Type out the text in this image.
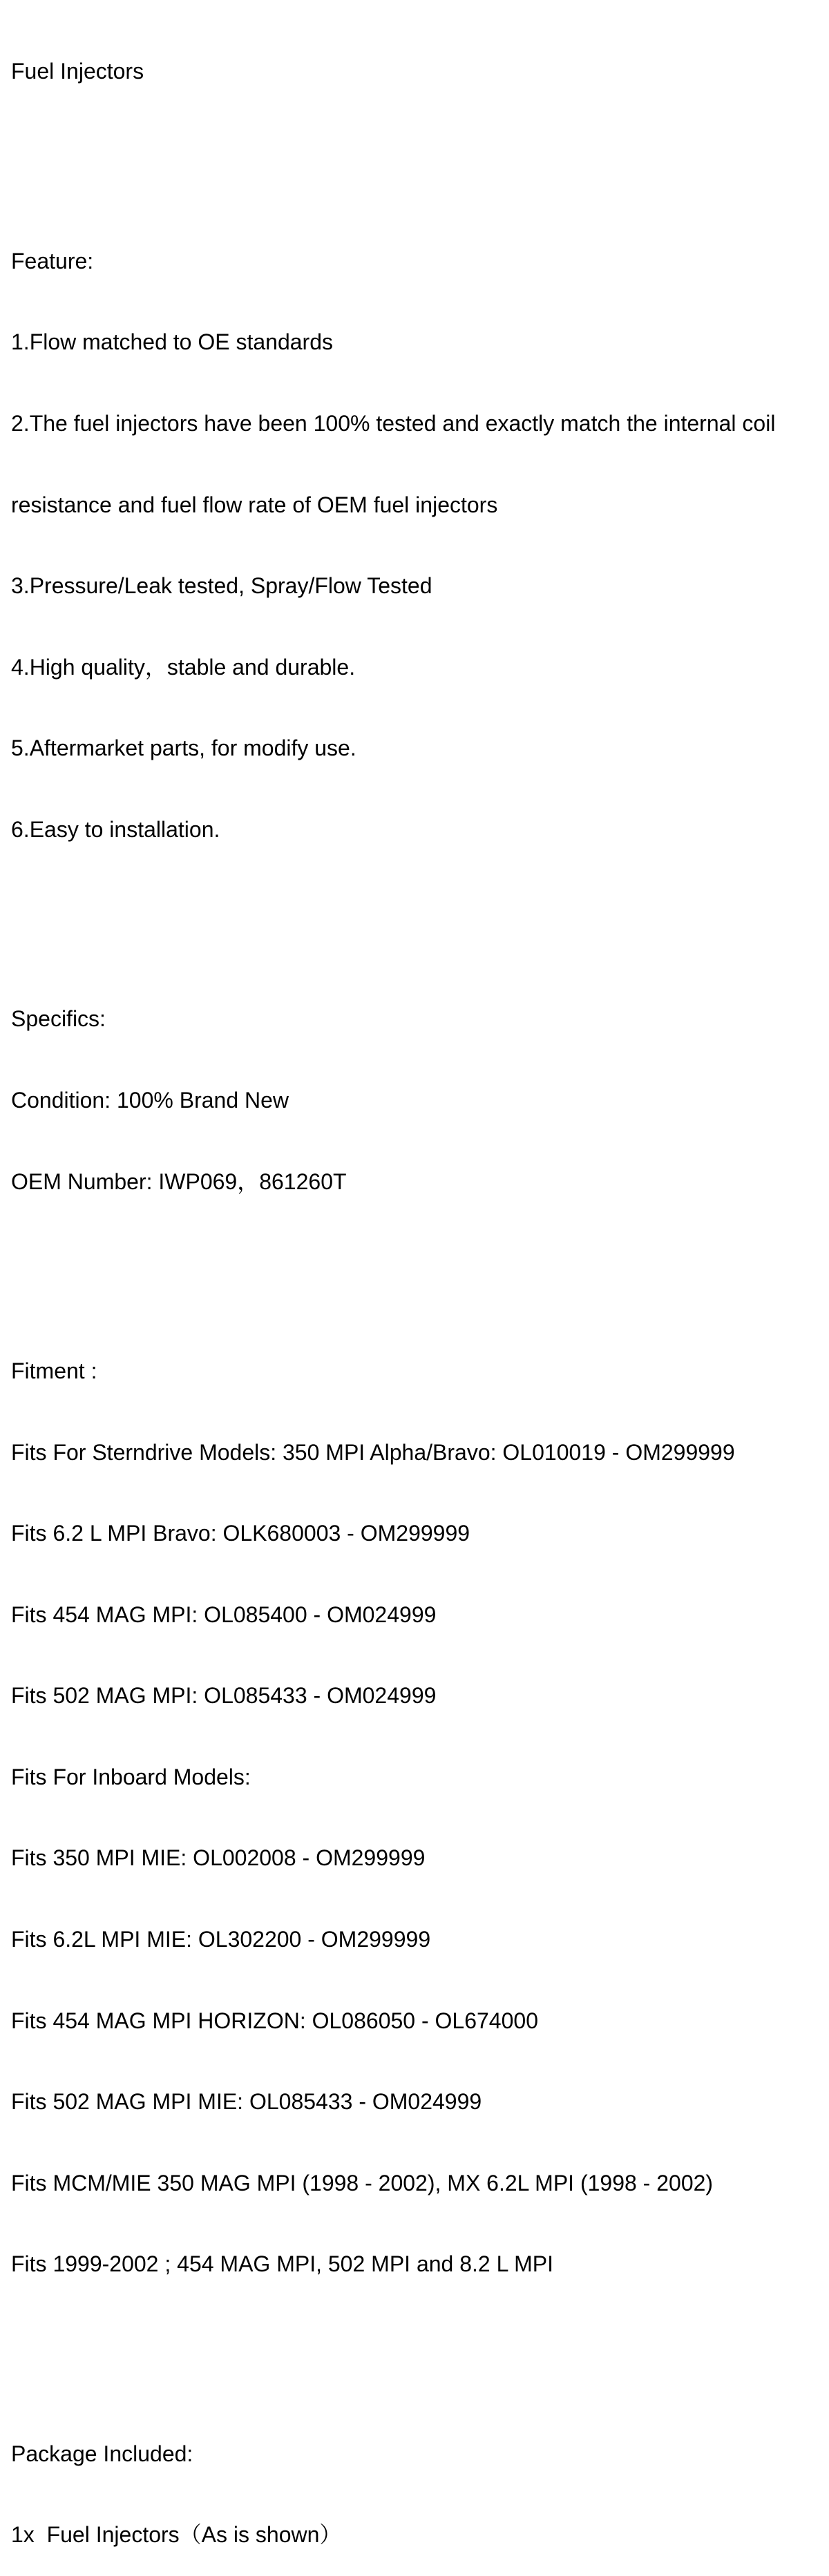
Fuel Injectors

Feature:

1.Flow matched to OE standards

2.The fuel injectors have been 100% tested and exactly match the internal coil

resistance and fuel flow rate of OEM fuel injectors

3.Pressure/Leak tested, Spray/Flow Tested

4.High quality，stable and durable.

5.Aftermarket parts, for modify use.

6.Easy to installation.

Specifics:

Condition: 100% Brand New

OEM Number: IWP069，861260T

Fitment :

Fits For Sterndrive Models: 350 MPI Alpha/Bravo: OL010019 - OM299999

Fits 6.2 L MPI Bravo: OLK680003 - OM299999

Fits 454 MAG MPI: OL085400 - OM024999

Fits 502 MAG MPI: OL085433 - OM024999

Fits For Inboard Models:

Fits 350 MPI MIE: OL002008 - OM299999

Fits 6.2L MPI MIE: OL302200 - OM299999

Fits 454 MAG MPI HORIZON: OL086050 - OL674000

Fits 502 MAG MPI MIE: OL085433 - OM024999

Fits MCM/MIE 350 MAG MPI (1998 - 2002), MX 6.2L MPI (1998 - 2002)

Fits 1999-2002 ; 454 MAG MPI, 502 MPI and 8.2 L MPI

Package Included:

1x  Fuel Injectors（As is shown）
